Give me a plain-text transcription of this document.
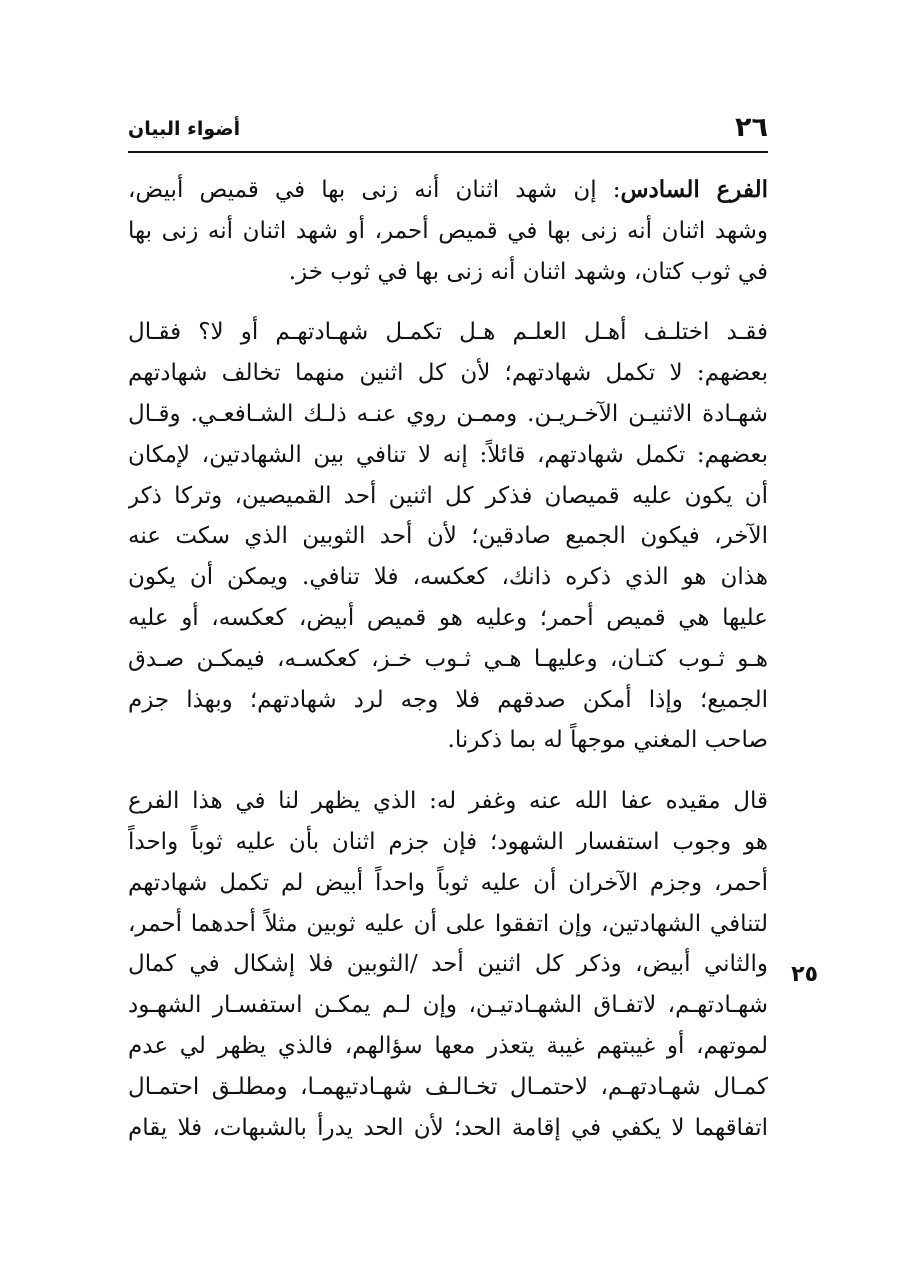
٢٦
أضواء البيان
الفرع السادس: إن شهد اثنان أنه زنى بها في قميص أبيض،
وشهد اثنان أنه زنى بها في قميص أحمر، أو شهد اثنان أنه زنى بها
في ثوب كتان، وشهد اثنان أنه زنى بها في ثوب خز.
فقـد اختلـف أهـل العلـم هـل تكمـل شهـادتهـم أو لا؟ فقـال
بعضهم: لا تكمل شهادتهم؛ لأن كل اثنين منهما تخالف شهادتهم
شهـادة الاثنيـن الآخـريـن. وممـن روي عنـه ذلـك الشـافعـي. وقـال
بعضهم: تكمل شهادتهم، قائلاً: إنه لا تنافي بين الشهادتين، لإمكان
أن يكون عليه قميصان فذكر كل اثنين أحد القميصين، وتركا ذكر
الآخر، فيكون الجميع صادقين؛ لأن أحد الثوبين الذي سكت عنه
هذان هو الذي ذكره ذانك، كعكسه، فلا تنافي. ويمكن أن يكون
عليها هي قميص أحمر؛ وعليه هو قميص أبيض، كعكسه، أو عليه
هـو ثـوب كتـان، وعليهـا هـي ثـوب خـز، كعكسـه، فيمكـن صـدق
الجميع؛ وإذا أمكن صدقهم فلا وجه لرد شهادتهم؛ وبهذا جزم
صاحب المغني موجهاً له بما ذكرنا.
قال مقيده عفا الله عنه وغفر له: الذي يظهر لنا في هذا الفرع
هو وجوب استفسار الشهود؛ فإن جزم اثنان بأن عليه ثوباً واحداً
أحمر، وجزم الآخران أن عليه ثوباً واحداً أبيض لم تكمل شهادتهم
لتنافي الشهادتين، وإن اتفقوا على أن عليه ثوبين مثلاً أحدهما أحمر،
والثاني أبيض، وذكر كل اثنين أحد /الثوبين فلا إشكال في كمال
شهـادتهـم، لاتفـاق الشهـادتيـن، وإن لـم يمكـن استفسـار الشهـود
لموتهم، أو غيبتهم غيبة يتعذر معها سؤالهم، فالذي يظهر لي عدم
كمـال شهـادتهـم، لاحتمـال تخـالـف شهـادتيهمـا، ومطلـق احتمـال
اتفاقهما لا يكفي في إقامة الحد؛ لأن الحد يدرأ بالشبهات، فلا يقام
٢٥
